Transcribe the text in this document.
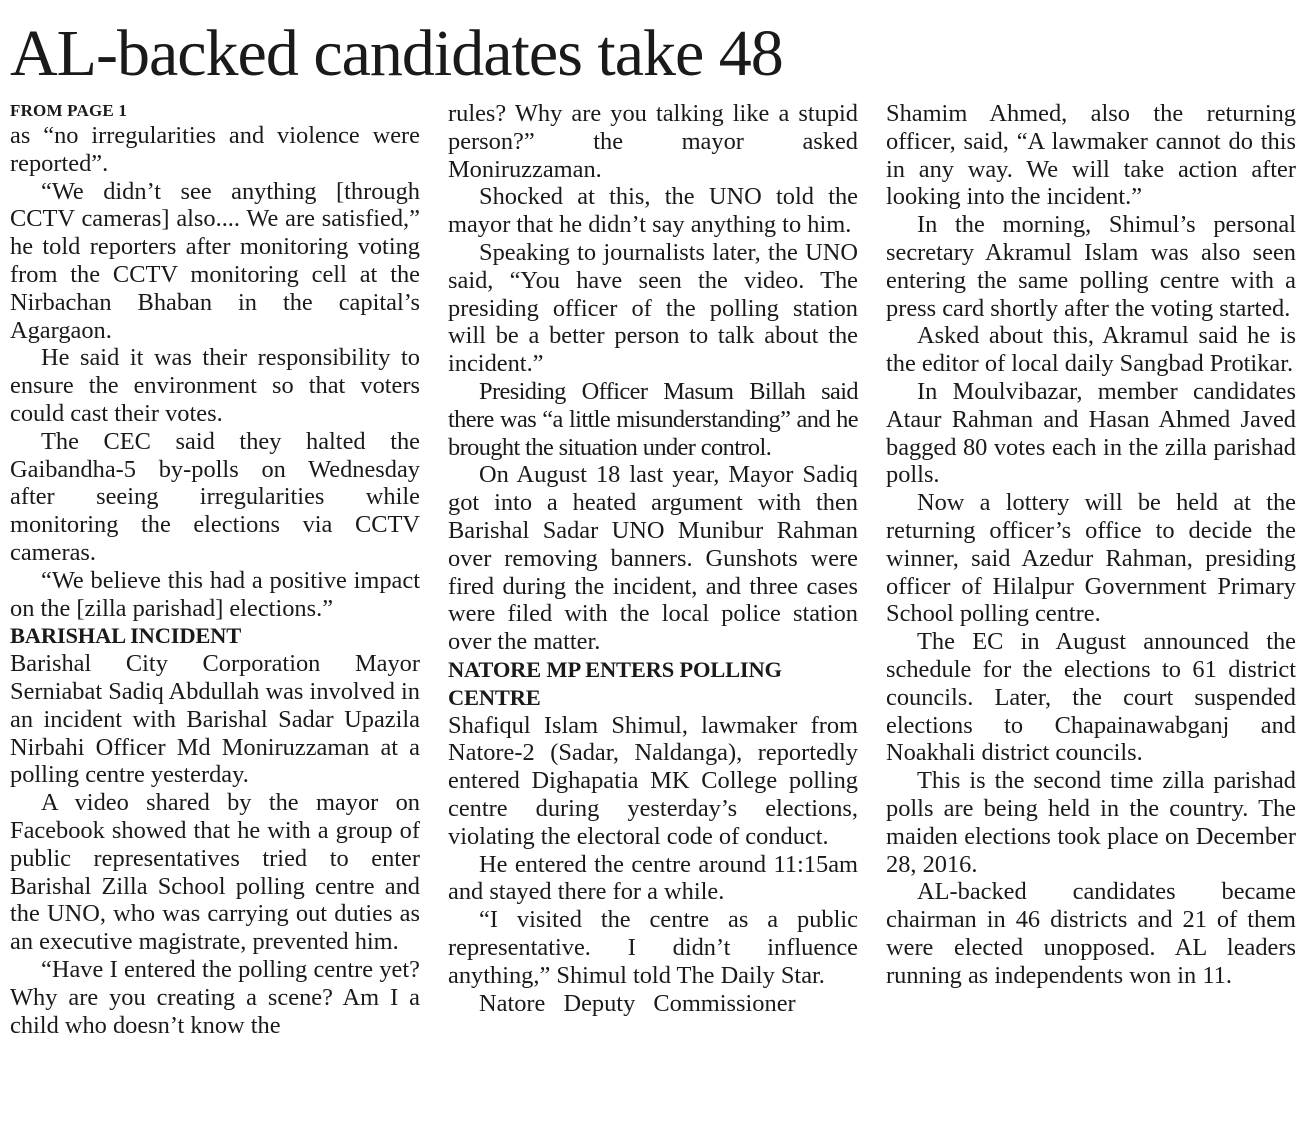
AL-backed candidates take 48
FROM PAGE 1

as “no irregularities and violence were reported”.

“We didn’t see anything [through CCTV cameras] also.... We are satisfied,” he told reporters after monitoring voting from the CCTV monitoring cell at the Nirbachan Bhaban in the capital’s Agargaon.

He said it was their responsibility to ensure the environment so that voters could cast their votes.

The CEC said they halted the Gaibandha-5 by-polls on Wednesday after seeing irregularities while monitoring the elections via CCTV cameras.

“We believe this had a positive impact on the [zilla parishad] elections.”

BARISHAL INCIDENT

Barishal City Corporation Mayor Serniabat Sadiq Abdullah was involved in an incident with Barishal Sadar Upazila Nirbahi Officer Md Moniruzzaman at a polling centre yesterday.

A video shared by the mayor on Facebook showed that he with a group of public representatives tried to enter Barishal Zilla School polling centre and the UNO, who was carrying out duties as an executive magistrate, prevented him.

“Have I entered the polling centre yet? Why are you creating a scene? Am I a child who doesn’t know the

rules? Why are you talking like a stupid person?” the mayor asked Moniruzzaman.

Shocked at this, the UNO told the mayor that he didn’t say anything to him.

Speaking to journalists later, the UNO said, “You have seen the video. The presiding officer of the polling station will be a better person to talk about the incident.”

Presiding Officer Masum Billah said there was “a little misunderstanding” and he brought the situation under control.

On August 18 last year, Mayor Sadiq got into a heated argument with then Barishal Sadar UNO Munibur Rahman over removing banners. Gunshots were fired during the incident, and three cases were filed with the local police station over the matter.

NATORE MP ENTERS POLLING CENTRE

Shafiqul Islam Shimul, lawmaker from Natore-2 (Sadar, Naldanga), reportedly entered Dighapatia MK College polling centre during yesterday’s elections, violating the electoral code of conduct.

He entered the centre around 11:15am and stayed there for a while.

“I visited the centre as a public representative. I didn’t influence anything,” Shimul told The Daily Star.

Natore Deputy Commissioner

Shamim Ahmed, also the returning officer, said, “A lawmaker cannot do this in any way. We will take action after looking into the incident.”

In the morning, Shimul’s personal secretary Akramul Islam was also seen entering the same polling centre with a press card shortly after the voting started.

Asked about this, Akramul said he is the editor of local daily Sangbad Protikar.

In Moulvibazar, member candidates Ataur Rahman and Hasan Ahmed Javed bagged 80 votes each in the zilla parishad polls.

Now a lottery will be held at the returning officer’s office to decide the winner, said Azedur Rahman, presiding officer of Hilalpur Government Primary School polling centre.

The EC in August announced the schedule for the elections to 61 district councils. Later, the court suspended elections to Chapainawabganj and Noakhali district councils.

This is the second time zilla parishad polls are being held in the country. The maiden elections took place on December 28, 2016.

AL-backed candidates became chairman in 46 districts and 21 of them were elected unopposed. AL leaders running as independents won in 11.
